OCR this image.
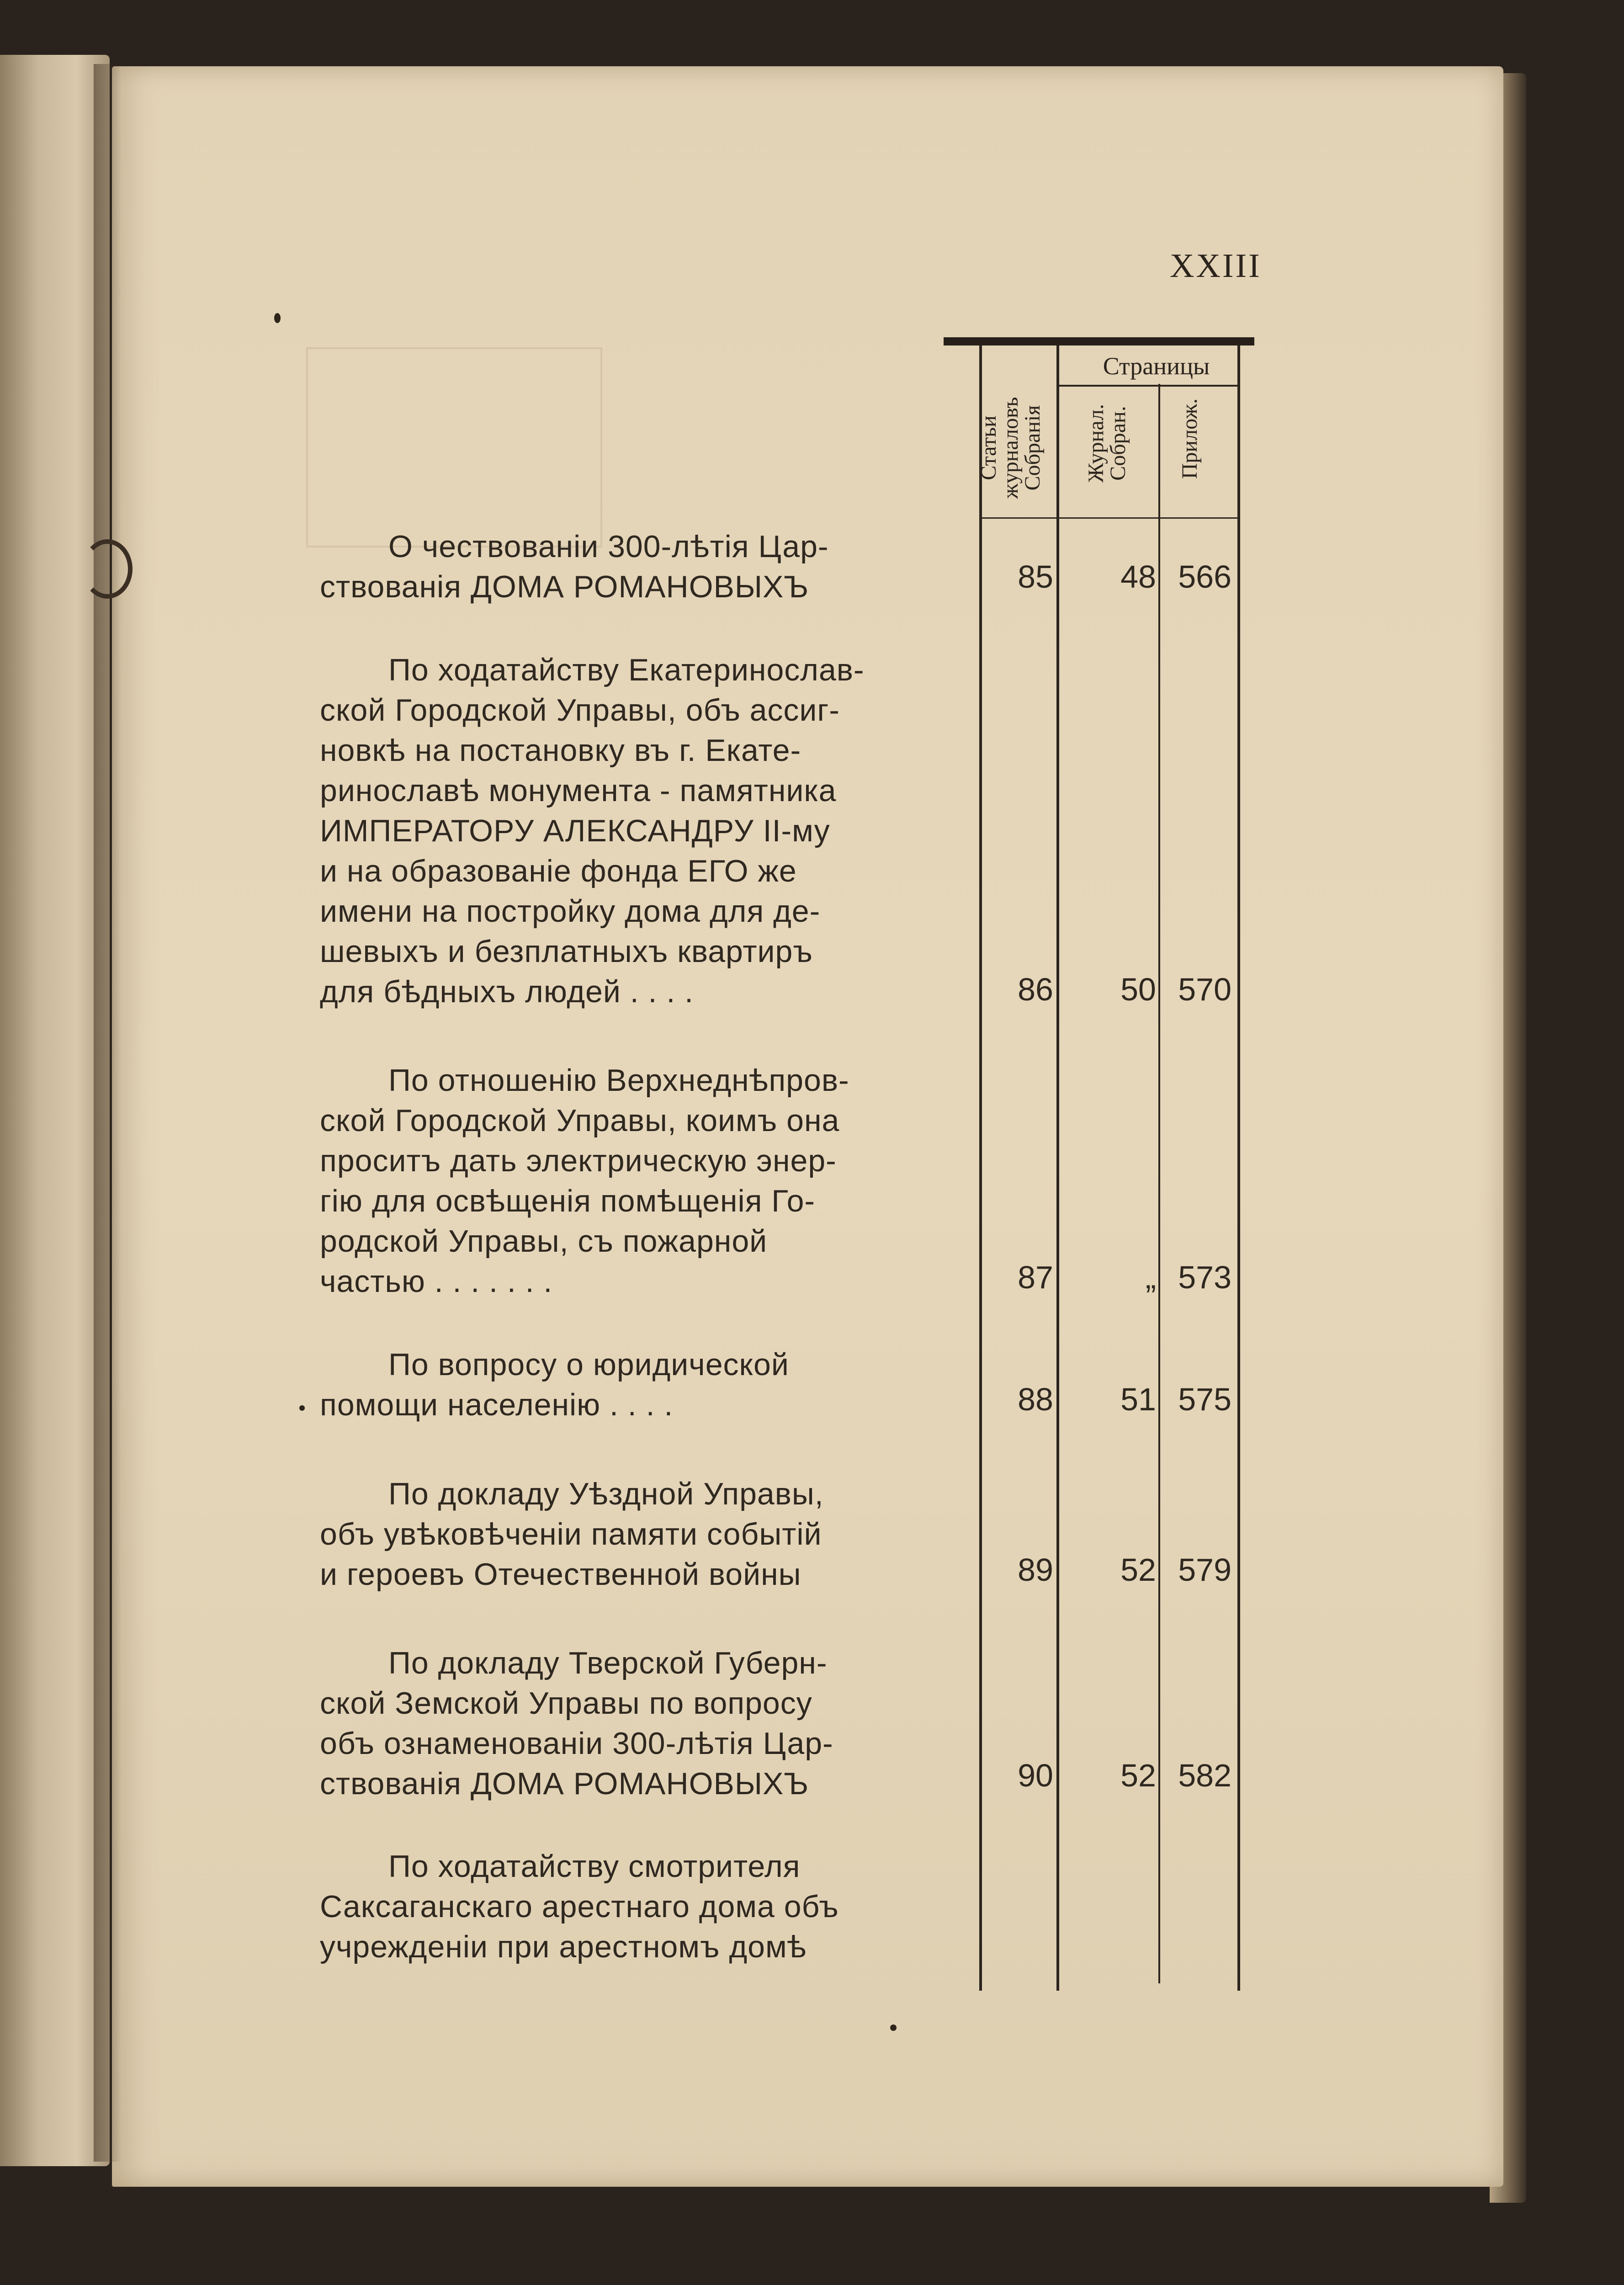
XXIII
Страницы
Статьи
журналовъ
Собранія	Журнал.
Собран.	Прилож.
О чествованіи 300-лѣтія Цар-
ствованія ДОМА РОМАНОВЫХЪ	85	48 566
По ходатайству Екатеринослав-
ской Городской Управы, объ ассиг-
новкѣ на постановку въ г. Екате-
ринославѣ монумента - памятника
ИМПЕРАТОРУ АЛЕКСАНДРУ II-му
и на образованіе фонда ЕГО же
имени на постройку дома для де-
шевыхъ и безплатныхъ квартиръ
для бѣдныхъ людей . . . .	86	50 570
По отношенію Верхнеднѣпров-
ской Городской Управы, коимъ она
проситъ дать электрическую энер-
гію для освѣщенія помѣщенія Го-
родской Управы, съ пожарной
частью . . . . . . .	87	„ 573
По вопросу о юридической
помощи населенію . . . .	88	51 575
По докладу Уѣздной Управы,
объ увѣковѣченіи памяти событій
и героевъ Отечественной войны	89	52 579
По докладу Тверской Губерн-
ской Земской Управы по вопросу
объ ознаменованіи 300-лѣтія Цар-
ствованія ДОМА РОМАНОВЫХЪ	90	52 582
По ходатайству смотрителя
Саксаганскаго арестнаго дома объ
учрежденіи при арестномъ домѣ
